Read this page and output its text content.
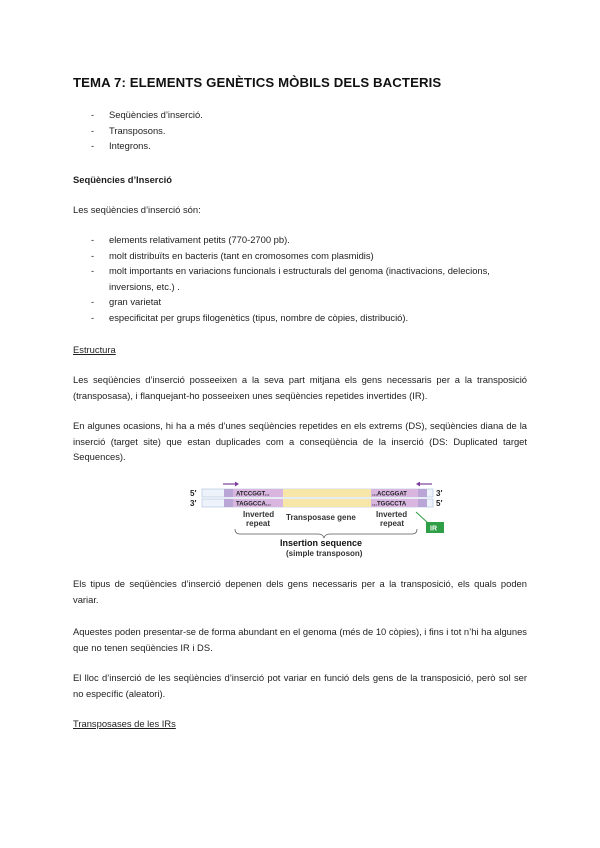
TEMA 7: ELEMENTS GENÈTICS MÒBILS DELS BACTERIS
- Seqüències d’inserció.
- Transposons.
- Integrons.
Seqüències d’Inserció
Les seqüències d’inserció són:
- elements relativament petits (770-2700 pb).
- molt distribuïts en bacteris (tant en cromosomes com plasmidis)
- molt importants en variacions funcionals i estructurals del genoma (inactivacions, delecions, inversions, etc.) .
- gran varietat
- especificitat per grups filogenètics (tipus, nombre de còpies, distribució).
Estructura
Les seqüències d’inserció posseeixen a la seva part mitjana els gens necessaris per a la transposició (transposasa), i flanquejant-ho posseeixen unes seqüències repetides invertides (IR).
En algunes ocasions, hi ha a més d’unes seqüències repetides en els extrems (DS), seqüències diana de la inserció (target site) que estan duplicades com a conseqüència de la inserció (DS: Duplicated target Sequences).
5′
3′
3′
5′
ATCCGGT...	...ACCGGAT
TAGGCCA...	...TGGCCTA
Inverted
repeat
Transposase gene	Inverted
repeat
IR
Insertion sequence
(simple transposon)
Els tipus de seqüències d’inserció depenen dels gens necessaris per a la transposició, els quals poden variar.
Aquestes poden presentar-se de forma abundant en el genoma (més de 10 còpies), i fins i tot n’hi ha algunes que no tenen seqüències IR i DS.
El lloc d’inserció de les seqüències d’inserció pot variar en funció dels gens de la transposició, però sol ser no específic (aleatori).
Transposases de les IRs
